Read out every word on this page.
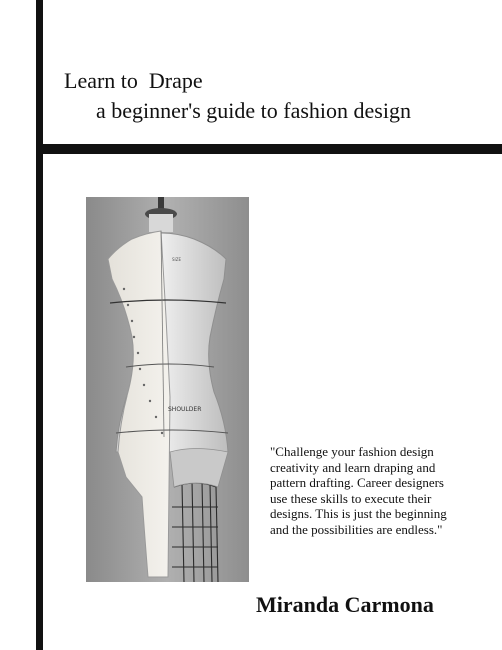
Learn to  Drape
a beginner's guide to fashion design
SIZE
SHOULDER
"Challenge your fashion design creativity and learn draping and pattern drafting. Career designers use these skills to execute their designs. This is just the beginning and the possibilities are endless."
Miranda Carmona
